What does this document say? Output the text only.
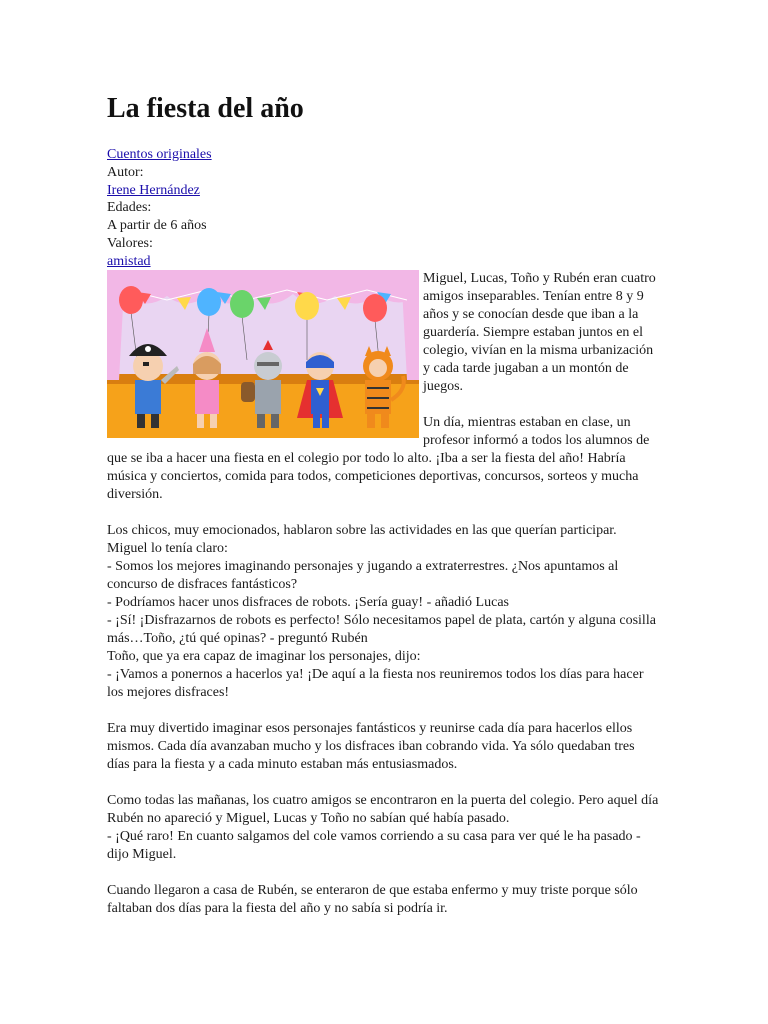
La fiesta del año
Cuentos originales
Autor:
Irene Hernández
Edades:
A partir de 6 años
Valores:
amistad

Miguel, Lucas, Toño y Rubén eran cuatro amigos inseparables. Tenían entre 8 y 9 años y se conocían desde que iban a la guardería. Siempre estaban juntos en el colegio, vivían en la misma urbanización y cada tarde jugaban a un montón de juegos.

Un día, mientras estaban en clase, un profesor informó a todos los alumnos de que se iba a hacer una fiesta en el colegio por todo lo alto. ¡Iba a ser la fiesta del año! Habría música y conciertos, comida para todos, competiciones deportivas, concursos, sorteos y mucha diversión.

Los chicos, muy emocionados, hablaron sobre las actividades en las que querían participar.
Miguel lo tenía claro:
- Somos los mejores imaginando personajes y jugando a extraterrestres. ¿Nos apuntamos al concurso de disfraces fantásticos?
- Podríamos hacer unos disfraces de robots. ¡Sería guay! - añadió Lucas
- ¡Sí! ¡Disfrazarnos de robots es perfecto! Sólo necesitamos papel de plata, cartón y alguna cosilla más…Toño, ¿tú qué opinas? - preguntó Rubén
Toño, que ya era capaz de imaginar los personajes, dijo:
- ¡Vamos a ponernos a hacerlos ya! ¡De aquí a la fiesta nos reuniremos todos los días para hacer los mejores disfraces!

Era muy divertido imaginar esos personajes fantásticos y reunirse cada día para hacerlos ellos mismos. Cada día avanzaban mucho y los disfraces iban cobrando vida. Ya sólo quedaban tres días para la fiesta y a cada minuto estaban más entusiasmados.

Como todas las mañanas, los cuatro amigos se encontraron en la puerta del colegio. Pero aquel día Rubén no apareció y Miguel, Lucas y Toño no sabían qué había pasado.
- ¡Qué raro! En cuanto salgamos del cole vamos corriendo a su casa para ver qué le ha pasado - dijo Miguel.

Cuando llegaron a casa de Rubén, se enteraron de que estaba enfermo y muy triste porque sólo faltaban dos días para la fiesta del año y no sabía si podría ir.
